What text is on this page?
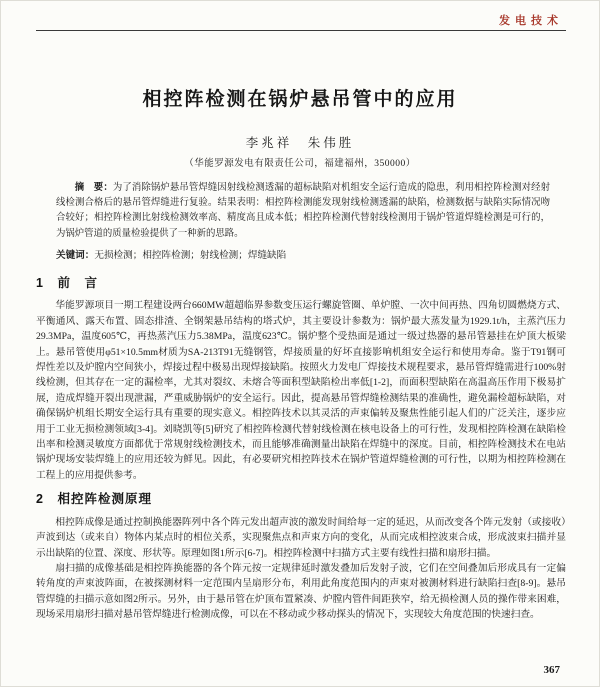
发电技术
相控阵检测在锅炉悬吊管中的应用
李兆祥　朱伟胜
（华能罗源发电有限责任公司，福建福州，350000）
摘　要：为了消除锅炉悬吊管焊缝因射线检测透漏的超标缺陷对机组安全运行造成的隐患，利用相控阵检测对经射线检测合格后的悬吊管焊缝进行复验。结果表明：相控阵检测能发现射线检测透漏的缺陷，检测数据与缺陷实际情况吻合较好；相控阵检测比射线检测效率高、精度高且成本低；相控阵检测代替射线检测用于锅炉管道焊缝检测是可行的，为锅炉管道的质量检验提供了一种新的思路。
关键词：无损检测；相控阵检测；射线检测；焊缝缺陷
1　前　言

华能罗源项目一期工程建设两台660MW超超临界参数变压运行螺旋管圈、单炉膛、一次中间再热、四角切圆燃烧方式、平衡通风、露天布置、固态排渣、全钢架悬吊结构的塔式炉，其主要设计参数为：锅炉最大蒸发量为1929.1t/h，主蒸汽压力29.3MPa，温度605℃，再热蒸汽压力5.38MPa，温度623℃。锅炉整个受热面是通过一级过热器的悬吊管悬挂在炉顶大板梁上。悬吊管使用φ51×10.5mm材质为SA-213T91无缝钢管，焊接质量的好坏直接影响机组安全运行和使用寿命。鉴于T91钢可焊性差以及炉膛内空间狭小，焊接过程中极易出现焊接缺陷。按照火力发电厂焊接技术规程要求，悬吊管焊缝需进行100%射线检测，但其存在一定的漏检率，尤其对裂纹、未熔合等面积型缺陷检出率低[1-2]，而面积型缺陷在高温高压作用下极易扩展，造成焊缝开裂出现泄漏，严重威胁锅炉的安全运行。因此，提高悬吊管焊缝检测结果的准确性，避免漏检超标缺陷，对确保锅炉机组长期安全运行具有重要的现实意义。相控阵技术以其灵活的声束偏转及聚焦性能引起人们的广泛关注，逐步应用于工业无损检测领域[3-4]。刘晓凯等[5]研究了相控阵检测代替射线检测在核电设备上的可行性，发现相控阵检测在缺陷检出率和检测灵敏度方面都优于常规射线检测技术，而且能够准确测量出缺陷在焊缝中的深度。目前，相控阵检测技术在电站锅炉现场安装焊缝上的应用还较为鲜见。因此，有必要研究相控阵技术在锅炉管道焊缝检测的可行性，以期为相控阵检测在工程上的应用提供参考。

2　相控阵检测原理

相控阵成像是通过控制换能器阵列中各个阵元发出超声波的激发时间给每一定的延迟，从而改变各个阵元发射（或接收）声波到达（或来自）物体内某点时的相位关系，实现聚焦点和声束方向的变化，从而完成相控波束合成，形成波束扫描并显示出缺陷的位置、深度、形状等。原理如图1所示[6-7]。相控阵检测中扫描方式主要有线性扫描和扇形扫描。

扇扫描的成像基础是相控阵换能器的各个阵元按一定规律延时激发叠加后发射子波，它们在空间叠加后形成具有一定偏转角度的声束波阵面，在被探测材料一定范围内呈扇形分布，利用此角度范围内的声束对被测材料进行缺陷扫查[8-9]。悬吊管焊缝的扫描示意如图2所示。另外，由于悬吊管在炉顶布置紧凑、炉膛内管件间距狭窄，给无损检测人员的操作带来困难，现场采用扇形扫描对悬吊管焊缝进行检测成像，可以在不移动或少移动探头的情况下，实现较大角度范围的快速扫查。

367
